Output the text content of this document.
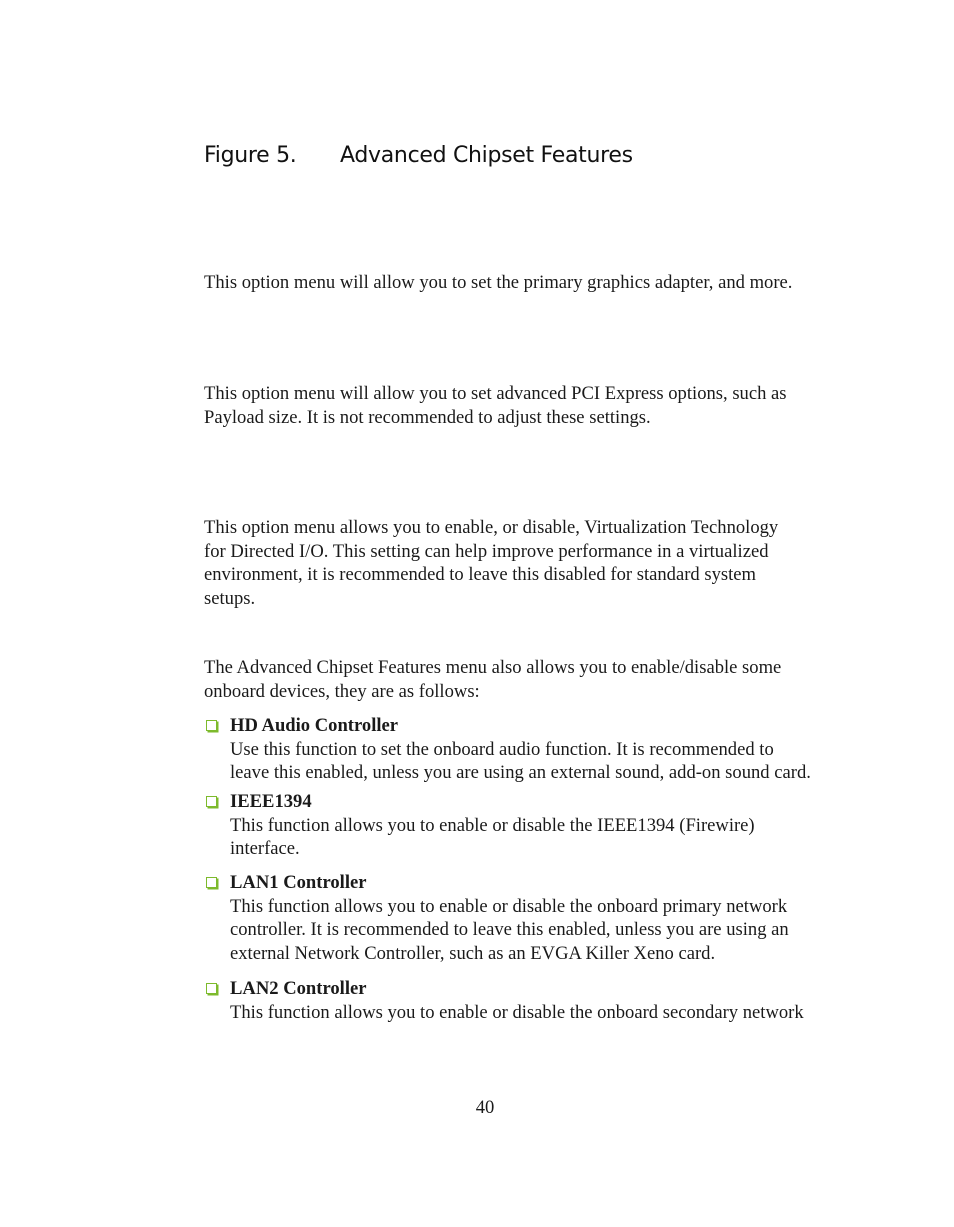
Figure 5. Advanced Chipset Features
This option menu will allow you to set the primary graphics adapter, and more.
This option menu will allow you to set advanced PCI Express options, such as
Payload size. It is not recommended to adjust these settings.
This option menu allows you to enable, or disable, Virtualization Technology
for Directed I/O. This setting can help improve performance in a virtualized
environment, it is recommended to leave this disabled for standard system
setups.
The Advanced Chipset Features menu also allows you to enable/disable some
onboard devices, they are as follows:
HD Audio Controller
Use this function to set the onboard audio function. It is recommended to
leave this enabled, unless you are using an external sound, add-on sound card.
IEEE1394
This function allows you to enable or disable the IEEE1394 (Firewire)
interface.
LAN1 Controller
This function allows you to enable or disable the onboard primary network
controller. It is recommended to leave this enabled, unless you are using an
external Network Controller, such as an EVGA Killer Xeno card.
LAN2 Controller
This function allows you to enable or disable the onboard secondary network
40
